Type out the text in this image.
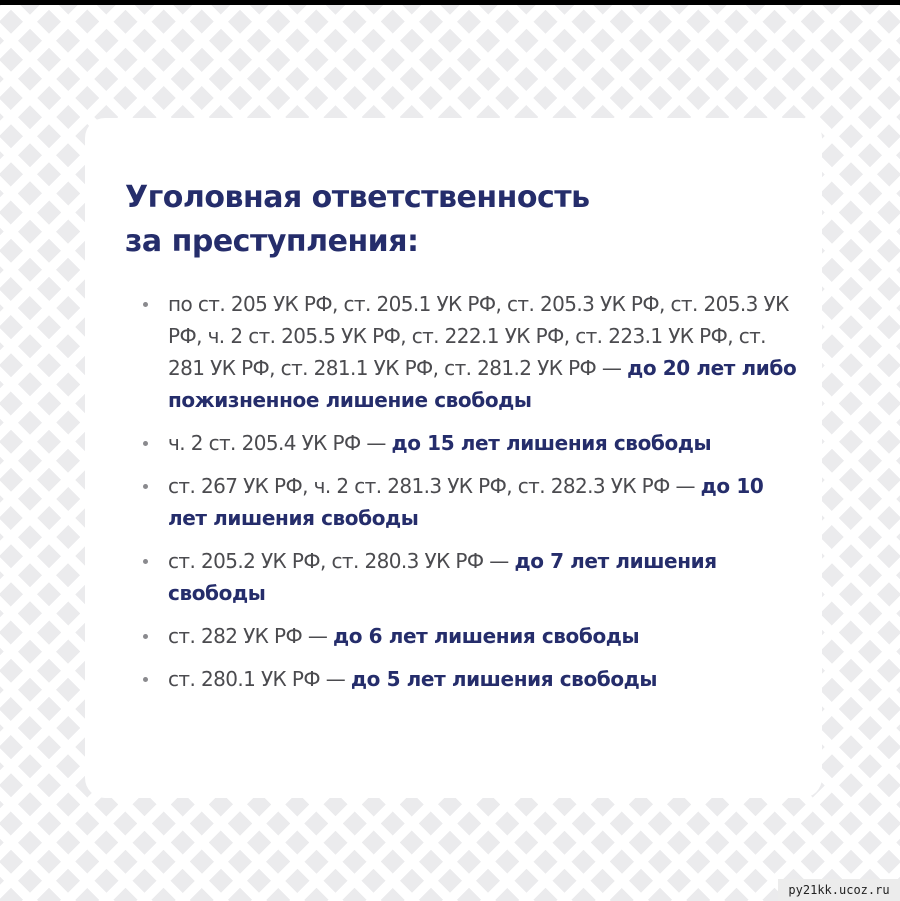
Уголовная ответственность
за преступления:
по ст. 205 УК РФ, ст. 205.1 УК РФ, ст. 205.3 УК РФ, ст. 205.3 УК РФ, ч. 2 ст. 205.5 УК РФ, ст. 222.1 УК РФ, ст. 223.1 УК РФ, ст. 281 УК РФ, ст. 281.1 УК РФ, ст. 281.2 УК РФ — до 20 лет либо пожизненное лишение свободы
ч. 2 ст. 205.4 УК РФ — до 15 лет лишения свободы
ст. 267 УК РФ, ч. 2 ст. 281.3 УК РФ, ст. 282.3 УК РФ — до 10 лет лишения свободы
ст. 205.2 УК РФ, ст. 280.3 УК РФ — до 7 лет лишения свободы
ст. 282 УК РФ — до 6 лет лишения свободы
ст. 280.1 УК РФ — до 5 лет лишения свободы
py21kk.ucoz.ru
